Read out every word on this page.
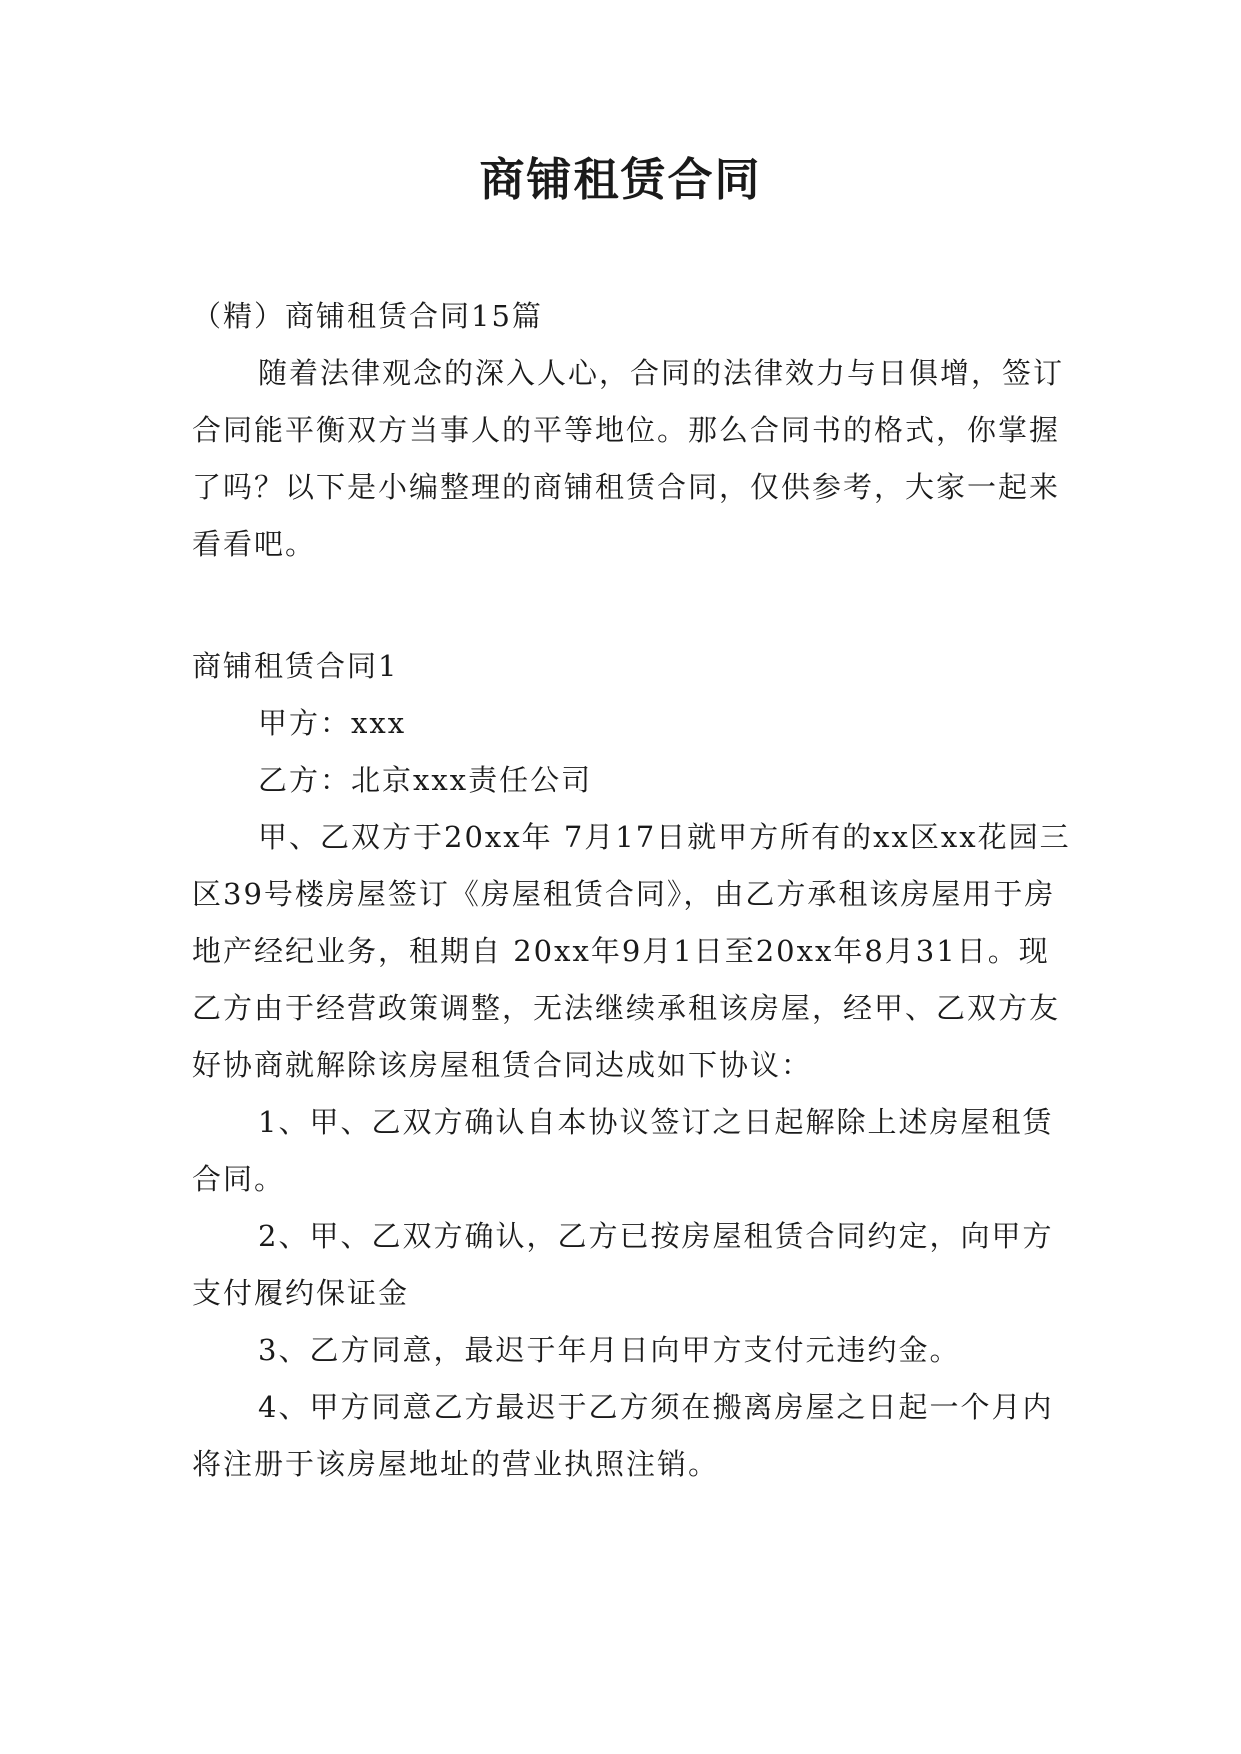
商铺租赁合同

（精）商铺租赁合同15篇

随着法律观念的深入人心，合同的法律效力与日俱增，签订合同能平衡双方当事人的平等地位。那么合同书的格式，你掌握了吗？以下是小编整理的商铺租赁合同，仅供参考，大家一起来看看吧。

商铺租赁合同1

甲方：xxx

乙方：北京xxx责任公司

甲、乙双方于20xx年 7月17日就甲方所有的xx区xx花园三区39号楼房屋签订《房屋租赁合同》，由乙方承租该房屋用于房地产经纪业务，租期自 20xx年9月1日至20xx年8月31日。现乙方由于经营政策调整，无法继续承租该房屋，经甲、乙双方友好协商就解除该房屋租赁合同达成如下协议：

1、甲、乙双方确认自本协议签订之日起解除上述房屋租赁合同。

2、甲、乙双方确认，乙方已按房屋租赁合同约定，向甲方支付履约保证金

3、乙方同意，最迟于年月日向甲方支付元违约金。

4、甲方同意乙方最迟于乙方须在搬离房屋之日起一个月内将注册于该房屋地址的营业执照注销。
